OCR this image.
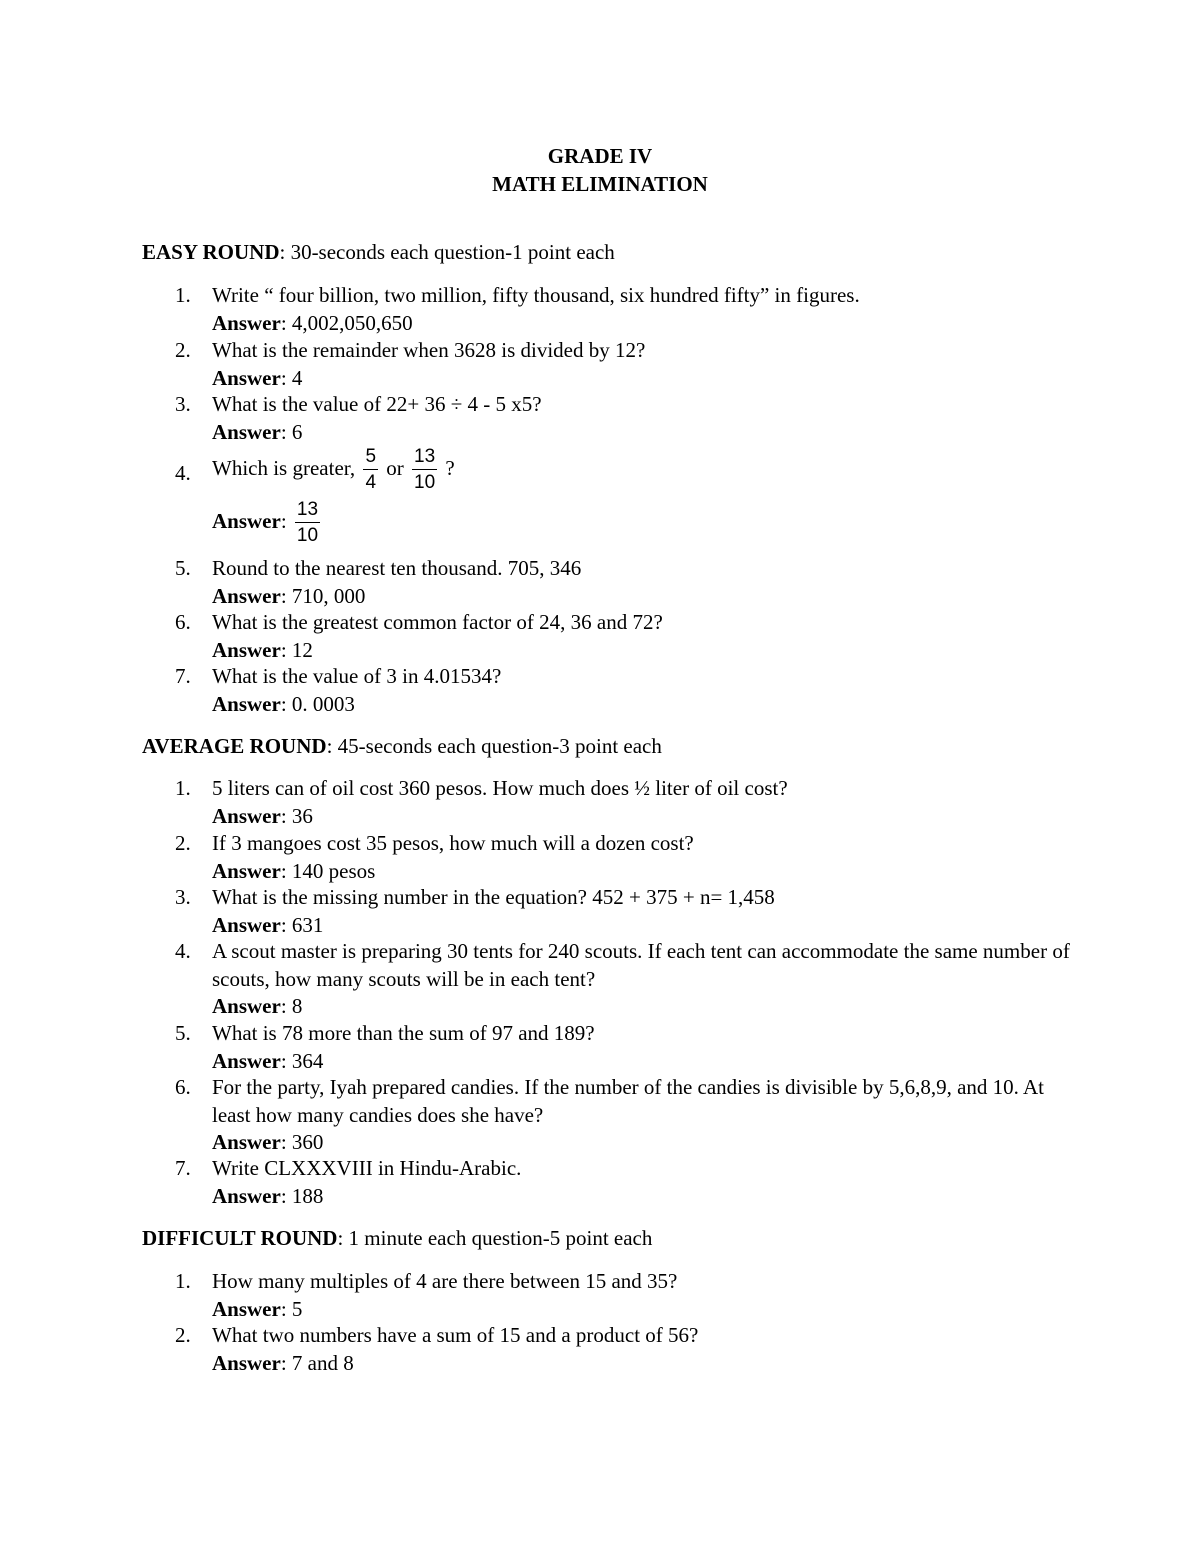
GRADE IV
MATH ELIMINATION
EASY ROUND: 30-seconds each question-1 point each
1.	Write “ four billion, two million, fifty thousand, six hundred fifty” in figures.
Answer: 4,002,050,650
2.	What is the remainder when 3628 is divided by 12?
Answer: 4
3.	What is the value of 22+ 36 ÷ 4 - 5 x5?
Answer: 6
4.	Which is greater, $\frac{5}{4}$ or $\frac{13}{10}$ ?
Answer: $\frac{13}{10}$
5.	Round to the nearest ten thousand. 705, 346
Answer: 710, 000
6.	What is the greatest common factor of 24, 36 and 72?
Answer: 12
7.	What is the value of 3 in 4.01534?
Answer: 0. 0003
AVERAGE ROUND: 45-seconds each question-3 point each
1.	5 liters can of oil cost 360 pesos. How much does ½ liter of oil cost?
Answer: 36
2.	If 3 mangoes cost 35 pesos, how much will a dozen cost?
Answer: 140 pesos
3.	What is the missing number in the equation? 452 + 375 + n= 1,458
Answer: 631
4.	A scout master is preparing 30 tents for 240 scouts. If each tent can accommodate the same number of scouts, how many scouts will be in each tent?
Answer: 8
5.	What is 78 more than the sum of 97 and 189?
Answer: 364
6.	For the party, Iyah prepared candies. If the number of the candies is divisible by 5,6,8,9, and 10. At least how many candies does she have?
Answer: 360
7.	Write CLXXXVIII in Hindu-Arabic.
Answer: 188
DIFFICULT ROUND: 1 minute each question-5 point each
1.	How many multiples of 4 are there between 15 and 35?
Answer: 5
2.	What two numbers have a sum of 15 and a product of 56?
Answer: 7 and 8
